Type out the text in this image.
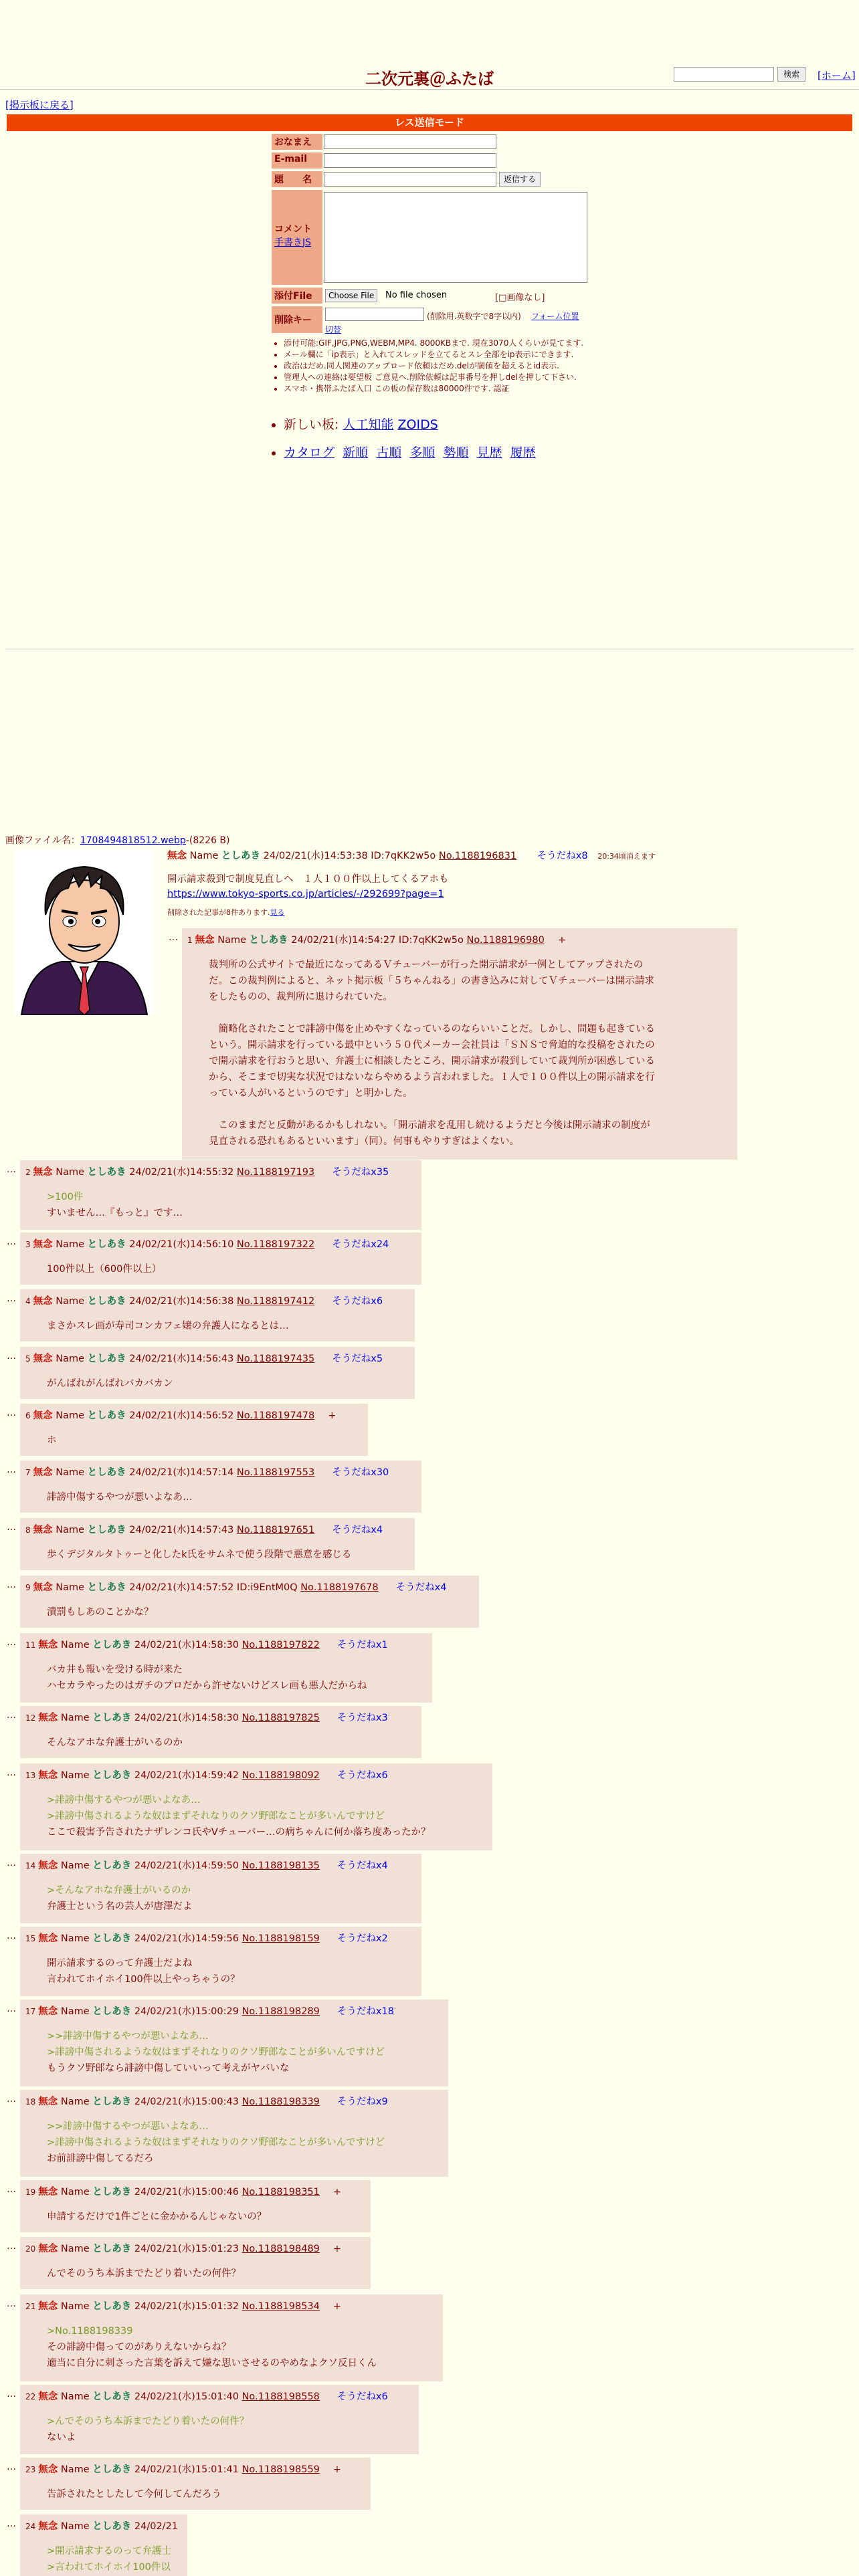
二次元裏＠ふたば	検索	[ホーム]
[掲示板に戻る]
レス送信モード
おなまえ
E-mail
題　　名	返信する
コメント
手書きJS
添付File	Choose File	No file chosen	[□画像なし]
削除キー	(削除用.英数字で8字以内) フォーム位置
切替
• 添付可能:GIF,JPG,PNG,WEBM,MP4. 8000KBまで. 現在3070人くらいが見てます.
• メール欄に「ip表示」と入れてスレッドを立てるとスレ全部をip表示にできます.
• 政治はだめ.同人関連のアップロード依頼はだめ.delが閾値を超えるとid表示.
• 管理人への連絡は要望板 ご意見へ.削除依頼は記事番号を押しdelを押して下さい.
• スマホ・携帯ふたば入口 この板の保存数は80000件です. 認証
• 新しい板: 人工知能 ZOIDS
• カタログ 新順 古順 多順 勢順 見歴 履歴
画像ファイル名：1708494818512.webp-(8226 B)
無念 Name としあき 24/02/21(水)14:53:38 ID:7qKK2w5o No.1188196831 そうだねx8 20:34頃消えます
開示請求殺到で制度見直しへ　１人１００件以上してくるアホも
https://www.tokyo-sports.co.jp/articles/-/292699?page=1
削除された記事が8件あります.見る
… 1 無念 Name としあき 24/02/21(水)14:54:27 ID:7qKK2w5o No.1188196980 +
裁判所の公式サイトで最近になってあるＶチューバーが行った開示請求が一例としてアップされたの
だ。この裁判例によると、ネット掲示板「５ちゃんねる」の書き込みに対してＶチューバーは開示請求
をしたものの、裁判所に退けられていた。

　簡略化されたことで誹謗中傷を止めやすくなっているのならいいことだ。しかし、問題も起きている
という。開示請求を行っている最中という５０代メーカー会社員は「ＳＮＳで脅迫的な投稿をされたの
で開示請求を行おうと思い、弁護士に相談したところ、開示請求が殺到していて裁判所が困惑している
から、そこまで切実な状況ではないならやめるよう言われました。１人で１００件以上の開示請求を行
っている人がいるというのです」と明かした。

　このままだと反動があるかもしれない。「開示請求を乱用し続けるようだと今後は開示請求の制度が
見直される恐れもあるといいます」（同）。何事もやりすぎはよくない。
… 2 無念 Name としあき 24/02/21(水)14:55:32 No.1188197193 そうだねx35
>100件
すいません…『もっと』です…
… 3 無念 Name としあき 24/02/21(水)14:56:10 No.1188197322 そうだねx24
100件以上（600件以上）
… 4 無念 Name としあき 24/02/21(水)14:56:38 No.1188197412 そうだねx6
まさかスレ画が寿司コンカフェ嬢の弁護人になるとは…
… 5 無念 Name としあき 24/02/21(水)14:56:43 No.1188197435 そうだねx5
がんばれがんばれバカバカン
… 6 無念 Name としあき 24/02/21(水)14:56:52 No.1188197478 +
ホ
… 7 無念 Name としあき 24/02/21(水)14:57:14 No.1188197553 そうだねx30
誹謗中傷するやつが悪いよなあ…
… 8 無念 Name としあき 24/02/21(水)14:57:43 No.1188197651 そうだねx4
歩くデジタルタトゥーと化したk氏をサムネで使う段階で悪意を感じる
… 9 無念 Name としあき 24/02/21(水)14:57:52 ID:i9EntM0Q No.1188197678 そうだねx4
潰罰もしあのことかな？
… 11 無念 Name としあき 24/02/21(水)14:58:30 No.1188197822 そうだねx1
バカ井も報いを受ける時が来た
ハセカラやったのはガチのプロだから許せないけどスレ画も悪人だからね
… 12 無念 Name としあき 24/02/21(水)14:58:30 No.1188197825 そうだねx3
そんなアホな弁護士がいるのか
… 13 無念 Name としあき 24/02/21(水)14:59:42 No.1188198092 そうだねx6
>誹謗中傷するやつが悪いよなあ…
>誹謗中傷されるような奴はまずそれなりのクソ野郎なことが多いんですけど
ここで殺害予告されたナザレンコ氏やVチューバー…の病ちゃんに何か落ち度あったか？
… 14 無念 Name としあき 24/02/21(水)14:59:50 No.1188198135 そうだねx4
>そんなアホな弁護士がいるのか
弁護士という名の芸人が唐澤だよ
… 15 無念 Name としあき 24/02/21(水)14:59:56 No.1188198159 そうだねx2
開示請求するのって弁護士だよね
言われてホイホイ100件以上やっちゃうの？
… 17 無念 Name としあき 24/02/21(水)15:00:29 No.1188198289 そうだねx18
>>誹謗中傷するやつが悪いよなあ…
>誹謗中傷されるような奴はまずそれなりのクソ野郎なことが多いんですけど
もうクソ野郎なら誹謗中傷していいって考えがヤバいな
… 18 無念 Name としあき 24/02/21(水)15:00:43 No.1188198339 そうだねx9
>>誹謗中傷するやつが悪いよなあ…
>誹謗中傷されるような奴はまずそれなりのクソ野郎なことが多いんですけど
お前誹謗中傷してるだろ
… 19 無念 Name としあき 24/02/21(水)15:00:46 No.1188198351 +
申請するだけで1件ごとに金かかるんじゃないの？
… 20 無念 Name としあき 24/02/21(水)15:01:23 No.1188198489 +
んでそのうち本訴までたどり着いたの何件？
… 21 無念 Name としあき 24/02/21(水)15:01:32 No.1188198534 +
>No.1188198339
その誹謗中傷ってのがありえないからね？
適当に自分に刺さった言葉を訴えて嫌な思いさせるのやめなよクソ反日くん
… 22 無念 Name としあき 24/02/21(水)15:01:40 No.1188198558 そうだねx6
>んでそのうち本訴までたどり着いたの何件？
ないよ
… 23 無念 Name としあき 24/02/21(水)15:01:41 No.1188198559 +
告訴されたとしたして今何してんだろう
… 24 無念 Name としあき 24/02/21
>開示請求するのって弁護士
>言われてホイホイ100件以
